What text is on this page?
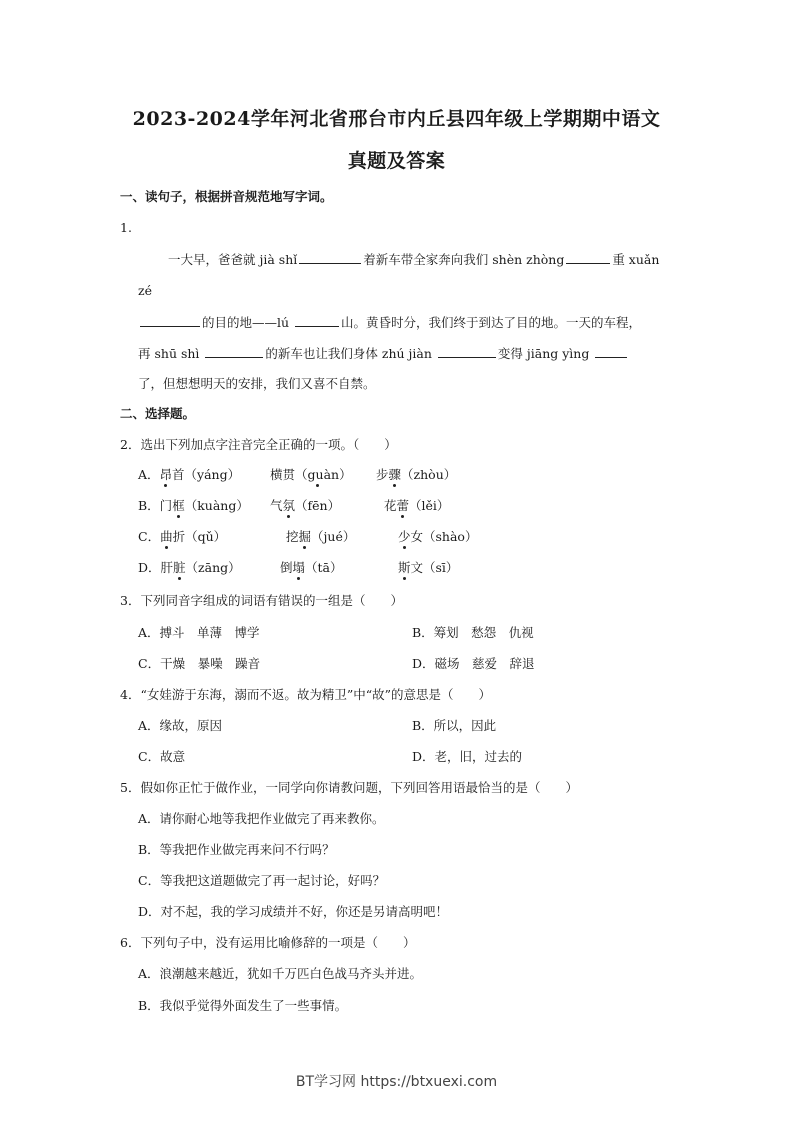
2023-2024学年河北省邢台市内丘县四年级上学期期中语文
真题及答案
一、读句子，根据拼音规范地写字词。
1.
一大早，爸爸就 jià shǐ	着新车带全家奔向我们 shèn zhòng	重 xuǎn
zé
的目的地——lú	山。黄昏时分，我们终于到达了目的地。一天的车程，
再 shū shì	的新车也让我们身体 zhú jiàn	变得 jiāng yìng
了，但想想明天的安排，我们又喜不自禁。
二、选择题。
2．选出下列加点字注音完全正确的一项。（　　）
A．昂首（yáng） 横贯（guàn） 步骤（zhòu）
B．门框（kuàng） 气氛（fēn）	花蕾（lěi）
C．曲折（qǔ）	挖掘（jué）	少女（shào）
D．肝脏（zāng）	倒塌（tā）	斯文（sī）
3．下列同音字组成的词语有错误的一组是（　　）
A．搏斗　单薄　博学	B．筹划　愁怨　仇视
C．干燥　暴噪　躁音	D．磁场　慈爱　辞退
4．“女娃游于东海，溺而不返。故为精卫”中“故”的意思是（　　）
A．缘故，原因	B．所以，因此
C．故意	D．老，旧，过去的
5．假如你正忙于做作业，一同学向你请教问题，下列回答用语最恰当的是（　　）
A．请你耐心地等我把作业做完了再来教你。
B．等我把作业做完再来问不行吗？
C．等我把这道题做完了再一起讨论，好吗？
D．对不起，我的学习成绩并不好，你还是另请高明吧！
6．下列句子中，没有运用比喻修辞的一项是（　　）
A．浪潮越来越近，犹如千万匹白色战马齐头并进。
B．我似乎觉得外面发生了一些事情。
BT学习网 https://btxuexi.com
